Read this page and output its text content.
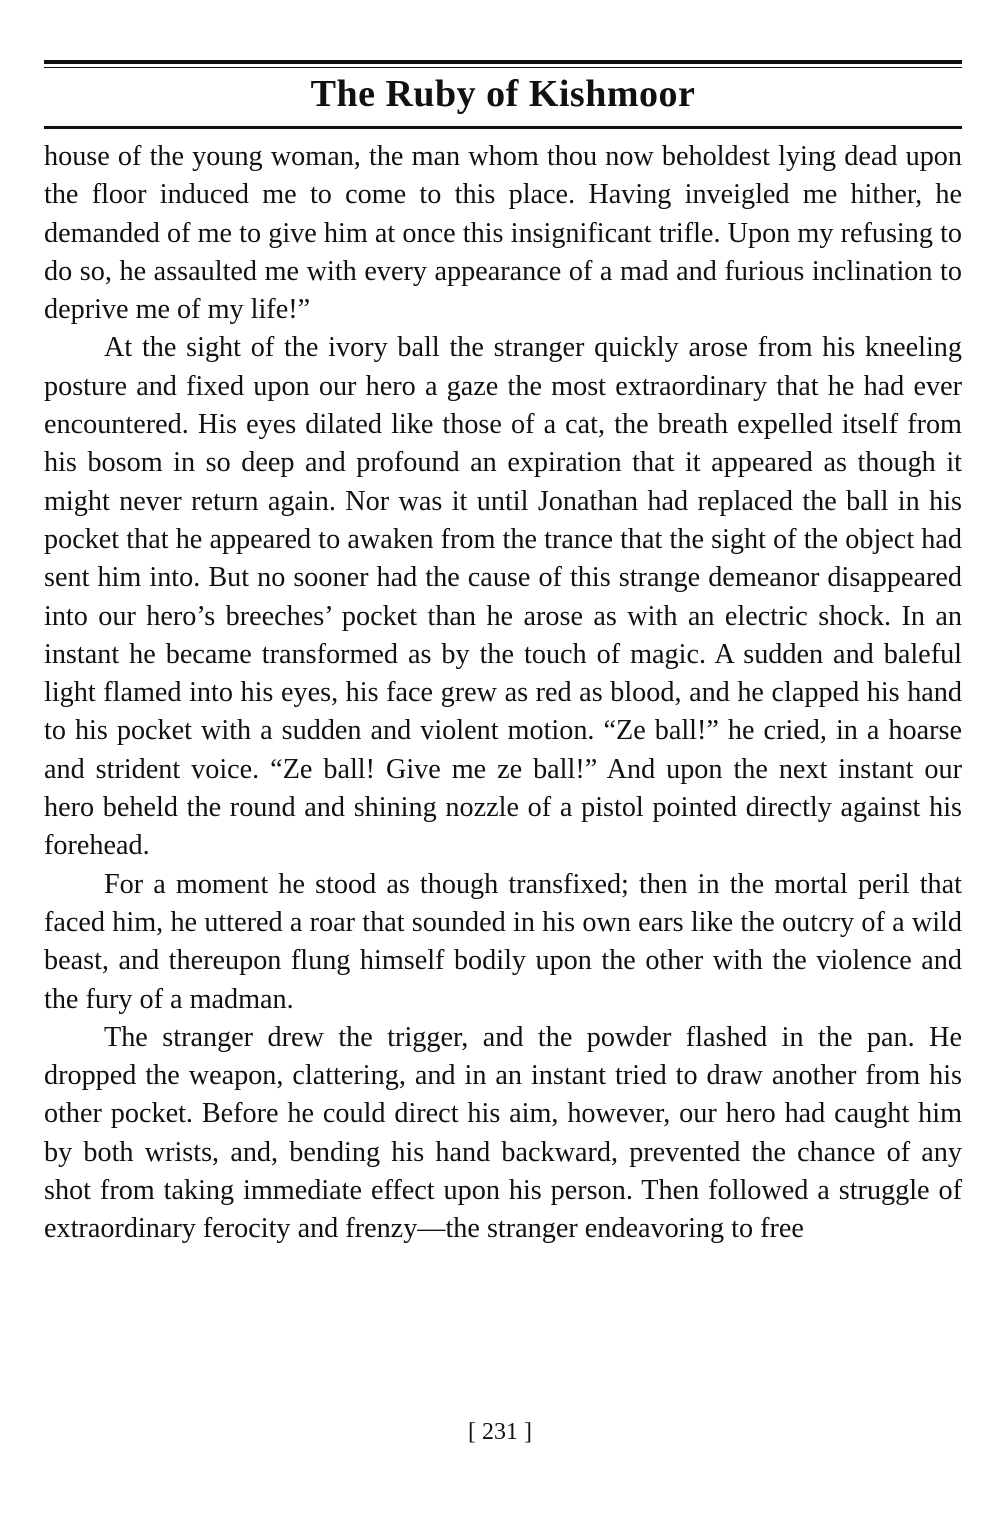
The Ruby of Kishmoor

house of the young woman, the man whom thou now beholdest lying dead upon the floor induced me to come to this place. Having inveigled me hither, he demanded of me to give him at once this insignificant trifle. Upon my refusing to do so, he assaulted me with every appearance of a mad and furious inclination to deprive me of my life!”

At the sight of the ivory ball the stranger quickly arose from his kneeling posture and fixed upon our hero a gaze the most extraordinary that he had ever encountered. His eyes dilated like those of a cat, the breath expelled itself from his bosom in so deep and profound an expiration that it appeared as though it might never return again. Nor was it until Jonathan had replaced the ball in his pocket that he appeared to awaken from the trance that the sight of the object had sent him into. But no sooner had the cause of this strange demeanor disappeared into our hero’s breeches’ pocket than he arose as with an electric shock. In an instant he became transformed as by the touch of magic. A sudden and baleful light flamed into his eyes, his face grew as red as blood, and he clapped his hand to his pocket with a sudden and violent motion. “Ze ball!” he cried, in a hoarse and strident voice. “Ze ball! Give me ze ball!” And upon the next instant our hero beheld the round and shining nozzle of a pistol pointed directly against his forehead.

For a moment he stood as though transfixed; then in the mortal peril that faced him, he uttered a roar that sounded in his own ears like the outcry of a wild beast, and thereupon flung himself bodily upon the other with the violence and the fury of a madman.

The stranger drew the trigger, and the powder flashed in the pan. He dropped the weapon, clattering, and in an instant tried to draw another from his other pocket. Before he could direct his aim, however, our hero had caught him by both wrists, and, bending his hand backward, prevented the chance of any shot from taking immediate effect upon his person. Then followed a struggle of extraordinary ferocity and frenzy—the stranger endeavoring to free

[ 231 ]
